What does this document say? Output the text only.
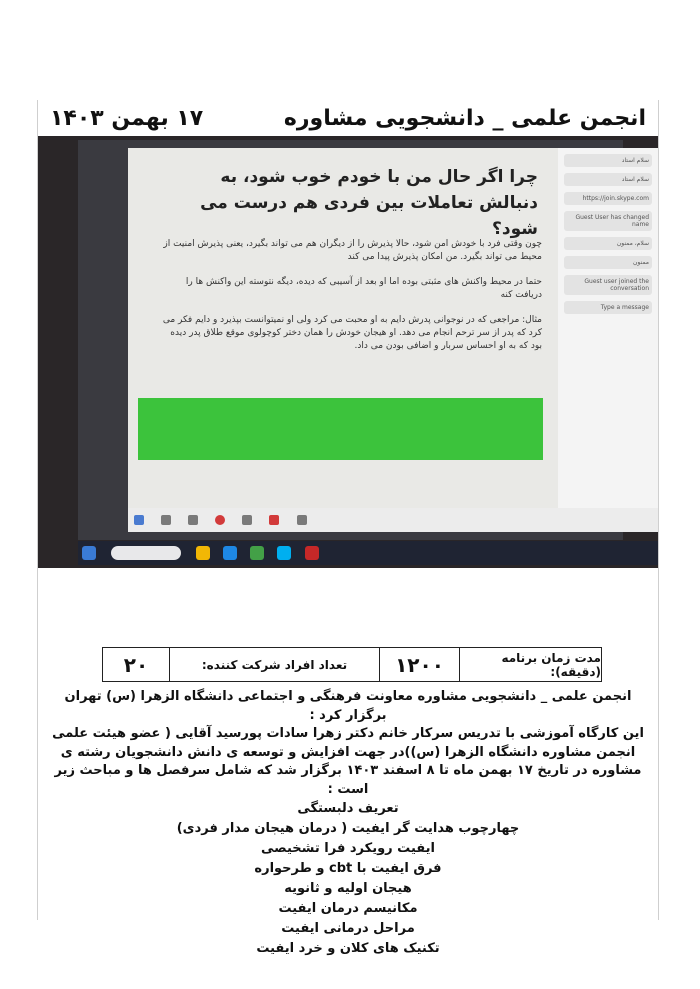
انجمن علمی _ دانشجویی مشاوره
۱۷ بهمن ۱۴۰۳
چرا اگر حال من با خودم خوب شود، به دنبالش تعاملات بین فردی هم درست می شود؟
چون وقتی فرد با خودش امن شود، حالا پذیرش را از دیگران هم می تواند بگیرد، یعنی پذیرش امنیت از محیط می تواند بگیرد. من امکان پذیرش پیدا می کند
حتما در محیط واکنش های مثبتی بوده اما او بعد از آسیبی که دیده، دیگه نتوسته این واکنش ها را دریافت کنه
مثال: مراجعی که در نوجوانی پدرش دایم به او محبت می کرد ولی او نمیتوانست بپذیرد و دایم فکر می کرد که پدر از سر ترحم انجام می دهد. او هیجان خودش را همان دختر کوچولوی موقع طلاق پدر دیده بود که به او احساس سربار و اضافی بودن می داد.
سلام استاد
سلام استاد
https://join.skype.com
Guest User has changed name
سلام، ممنون
ممنون
Guest user joined the conversation
Type a message

مدت زمان برنامه (دقیقه):
۱۲۰۰
تعداد افراد شرکت کننده:
۲۰

انجمن علمی _ دانشجویی مشاوره معاونت فرهنگی و اجتماعی دانشگاه الزهرا (س) تهران

برگزار کرد :

این کارگاه آموزشی با تدریس سرکار خانم دکتر زهرا سادات پورسید آقایی ( عضو هیئت علمی

انجمن مشاوره دانشگاه الزهرا (س))در جهت افزایش و توسعه ی دانش دانشجویان رشته ی

مشاوره در تاریخ ۱۷ بهمن ماه تا ۸ اسفند ۱۴۰۳ برگزار شد که شامل سرفصل ها و مباحث زیر

است :

تعریف دلبستگی
چهارچوب هدایت گر ایفیت ( درمان هیجان مدار فردی)
ایفیت رویکرد فرا تشخیصی
فرق ایفیت با cbt و طرحواره
هیجان اولیه و ثانویه
مکانیسم درمان ایفیت
مراحل درمانی ایفیت
تکنیک های کلان و خرد ایفیت
